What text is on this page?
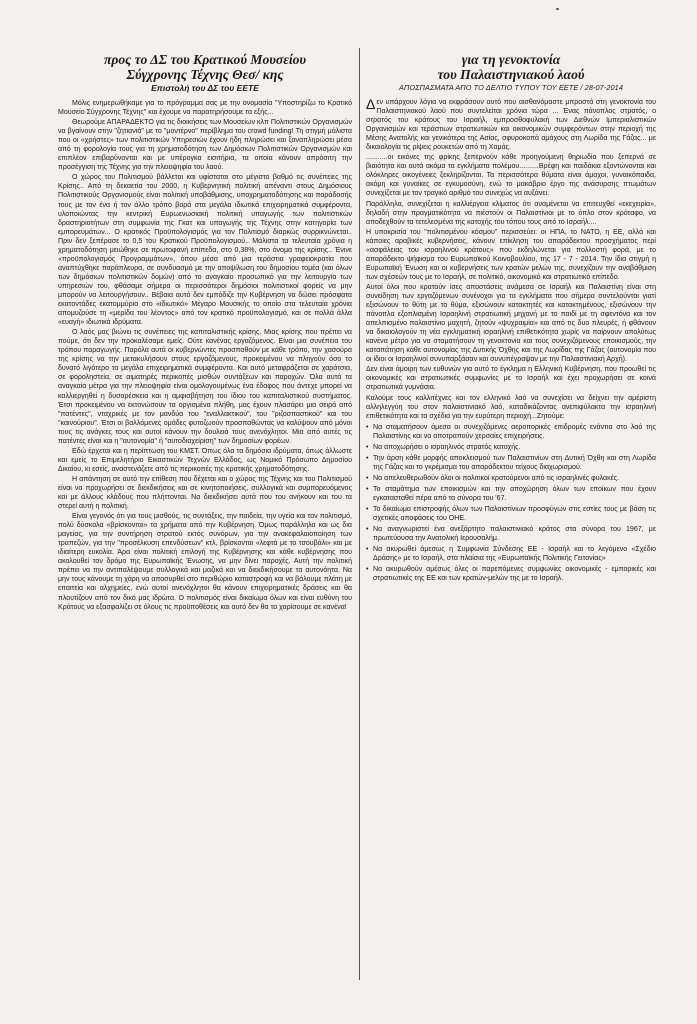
προς το ΔΣ του Κρατικού Μουσείου
Σύγχρονης Τέχνης Θεσ/ κης
Επιστολή του ΔΣ του ΕΕΤΕ

Μόλις ενημερωθήκαμε για το πρόγραμμα σας με την ονομασία "Υποστηρίζω το Κρατικό Μουσείο Σύγχρονης Τέχνης" και έχουμε να παρατηρήσουμε τα εξής...

Θεωρούμε ΑΠΑΡΑΔΕΚΤΟ για τις διοικήσεις των Μουσείων κλπ Πολιτιστικών Οργανισμών να βγαίνουν στην "ζητιανιά" με το "μοντέρνο" περίβλημα του crowd funding! Τη στιγμή μάλιστα που οι «χρήστες» των πολιτιστικών Υπηρεσιών έχουν ήδη πληρώσει και ξαναπληρώσει μέσα από τη φορολογία τους για τη χρηματοδότηση των Δημόσιων Πολιτιστικών Οργανισμών και επιπλέον επιβαρύνονται και με υπέρογκα εισιτήρια, τα οποία κάνουν απρόσιτη την προσέγγιση της Τέχνης για την πλειοψηφία του λαού.

Ο χώρος του Πολιτισμού βάλλεται και υφίσταται στο μέγιστο βαθμό τις συνέπειες της Κρίσης.. Από τη δεκαετία του 2000, η Κυβερνητική πολιτική απέναντι στους Δημόσιους Πολιτιστικούς Οργανισμούς είναι πολιτική υποβάθμισης, υποχρηματοδότησης και παράδοσής τους με τον ένα ή τον άλλο τρόπο βορά στα μεγάλα ιδιωτικά επιχειρηματικά συμφέροντα, υλοποιώντας την κεντρική Ευρωενωσιακή πολιτική υπαγωγής των πολιτιστικών δραστηριοτήτων στη συμφωνία της Γκατ και υπαγωγής της Τέχνης στην κατηγορία των εμπορευμάτων... Ο κρατικός Προϋπολογισμός για τον Πολιτισμό διαρκώς συρρικνώνεται.. Πριν δεν ξεπέρασε το 0,5 του Κρατικού Προϋπολογισμού.. Μάλιστα τα τελευταία χρόνια η χρηματοδότηση μειώθηκε σε πρωτοφανή επίπεδα, στο 0,38%, στο όνομα της κρίσης.. Ένινε «προϋπολογισμός Προγραμμάτων», όπου μέσα από μια τεράστια γραφειοκρατία που αναπτύχθηκε παράπλευρα, σε συνδυασμό με την αποψίλωση του δημοσίου τομέα (και όλων των δημόσιων πολιτιστικών δομών) από το αναγκαίο προσωπικό για την λειτουργία των υπηρεσιών του, φθάσαμε σήμερα οι περισσότεροι δημόσιοι πολιτιστικοί φορείς να μην μπορούν να λειτουργήσουν.. Βέβαια αυτό δεν εμπόδιζε την Κυβέρνηση να δώσει πρόσφατα εκατοντάδες εκατομμύρια στο «ιδιωτικό» Μέγαρο Μουσικής το οποίο στα τελευταία χρόνια απομυζούσε τη «μερίδα του λέοντος» από τον κρατικό προϋπολογισμό, και σε πολλά άλλα «ευαγή» ιδιωτικά ιδρύματα.

Ο λαός μας βιώνει τις συνέπειες της καπιταλιστικής κρίσης. Μιας κρίσης που πρέπει να πούμε, ότι δεν την προκαλέσαμε εμείς. Ούτε κανένας εργαζόμενος. Είναι μια συνέπεια του τρόπου παραγωγής. Παρόλα αυτά οι κυβερνώντες προσπαθούν με κάθε τρόπο, την χασούρα της κρίσης να την μετακυλήσουν στους εργαζόμενους, προκειμένου να πληγούν όσο το δυνατό λιγότερο τα μεγάλα επιχειρηματικά συμφέροντα. Και αυτό μεταφράζεται σε χαράτσια, σε φοροληστεία, σε αιματηρές περικοπές μισθών συντάξεων και παροχών. Όλα αυτά τα αναγκαία μέτρα για την πλειοψηφία είναι ομολογουμένως ένα έδαφος που άντεχε μπορεί να καλλιεργηθεί η δυσαρέσκεια και η αμφισβήτηση του ίδιου του καπιταλιστικού συστήματος. Έτσι προκειμένου να εκτονώσουν τα οργισμένα πλήθη, μας έχουν πλασάρει μια σειρά από "πατέντες", νταχρικές με τον μανδύα του "εναλλακτικού", του "ριζοσπαστικού" και του "καινούριου". Έτσι οι βαλλόμενες ομάδες φυτοζωούν προσπαθώντας να καλύψουν από μόνοι τους τις ανάγκες τους και αυτοί κάνουν την δουλειά τους ανενόχλητοι. Μια από αυτές τις πατέντες είναι και η "αυτονομία" ή "αυτοδιαχείριση" των δημοσίων φορέων.

Εδώ έρχεται και η περίπτωση του ΚΜΣΤ. Όπως όλα τα δημόσια ιδρύματα, όπως άλλωστε και εμείς το Επιμελητήριο Εικαστικών Τεχνών Ελλάδος, ως Νομικό Πρόσωπο Δημοσίου Δικαίου, κι εσείς, αναστενάζετε από τις περικοπές της κρατικής χρηματοδότησης.

Η απάντηση σε αυτό την επίθεση που δέχεται και ο χώρος της Τέχνης και του Πολιτισμού είναι να προχωρήσει σε διεκδικήσεις και σε κινητοποιήσεις, συλλογικά και συμπορευόμενος και με άλλους κλάδους που πλήττονται. Να διεκδικήσει αυτά που του ανήκουν και του τα στερεί αυτή η πολιτική.

Είναι γεγονός ότι για τους μισθούς, τις συντάξεις, την παιδεία, την υγεία και τον πολιτισμό, πολύ δύσκολα «βρίσκονται» τα χρήματα από την Κυβέρνηση. Όμως παράλληλα και ως δια μαγείας, για την συντήρηση στρατού εκτός συνόρων, για την ανακεφαλαιοποίηση των τραπεζών, για την "προσέλκυση επενδύσεων" κτλ, βρίσκονται «λεφτά με το τσουβάλι» και με ιδιαίτερη ευκολία. Άρα είναι πολιτική επιλογή της Κυβέρνησης και κάθε κυβέρνησης που ακολουθεί τον δρόμο της Ευρωπαϊκής Ένωσης, να μην δίνει παροχές. Αυτή την πολιτική πρέπει να την αντιπαλέψουμε συλλογικά και μαζικά και να διεκδικήσουμε τα αυτονόητα. Να μην τους κάνουμε τη χάρη να αποσυρθεί στο περιθώριο καταστροφή και να βάλουμε πλάτη με επαιτεία και αλχημείες, ενώ αυτοί ανενόχλητοι θα κάνουν επιχειρηματικές δράσεις και θα πλουτίζουν από τον δικό μας ιδρώτα. Ο πολιτισμός είναι δικαίωμα όλων και είναι ευθύνη του Κράτους να εξασφαλίζει σε όλους τις προϋποθέσεις και αυτό δεν θα το χαρίσουμε σε κανένα!

για τη γενοκτονία
του Παλαιστηνιακού λαού
ΑΠΟΣΠΑΣΜΑΤΑ ΑΠΟ ΤΟ ΔΕΛΤΙΟ ΤΥΠΟΥ ΤΟΥ ΕΕΤΕ / 28-07-2014

Δεν υπάρχουν λόγια να εκφράσουν αυτό που αισθανόμαστε μπροστά στη γενοκτονία του Παλαιστηνιακού λαού που συντελείται χρόνια τώρα ... Ένας πάνοπλος στρατός, ο στρατός του κράτους του Ισραήλ, εμπροσθοφυλακή των Διεθνών Ιμπεριαλιστικών Οργανισμών και τεράστιων στρατιωτικών και οικονομικών συμφερόντων στην περιοχή της Μέσης Ανατολής και γενικότερα της Ασίας, σφυροκοπά αμάχους στη Λωρίδα της Γάζας... με δικαιολογία τις ρίψεις ρουκετών από τη Χαμάς.

...........οι εικόνες της φρίκης ξεπερνούν κάθε προηγούμενη θηριωδία που ξεπερνά σε βιαιότητα και αυτά ακόμα τα εγκλήματα πολέμου..........Βρέφη και παιδάκια εξοντώνονται και ολόκληρες οικογένειες ξεκληρίζονται. Τα περισσότερα θύματα είναι άμαχοι, γυναικόπαιδα, ακόμη και γυναίκες σε εγκυμοσύνη, ενώ το μακάβριο έργο της ανάσυρσης πτωμάτων συνεχίζεται με τον τραγικό αριθμό του συνεχώς να αυξάνει.

Παράλληλα, συνεχίζεται η καλλιέργεια κλίματος ότι αναμένεται να επιτευχθεί «εκεχειρία», δηλαδή στην πραγματικότητα να πιέστούν οι Παλαιστίνιοι με το όπλο στον κρόταφο, να αποδεχθούν τα τετελεσμένα της κατοχής του τόπου τους από το Ισραήλ....

Η υποκρισία του "πολιτισμένου κόσμου" περισσεύει: οι ΗΠΑ, το ΝΑΤΟ, η ΕΕ, αλλά και κάποιες αραβικές κυβερνήσεις, κάνουν επίκληση του απαράδεκτου προσχήματος περί «ασφάλειας του ισραηλινού κράτους» που εκδηλώνεται για πολλοστή φορά, με το απαράδεκτο ψήφισμα του Ευρωπαϊκού Κοινοβουλίου, της 17 - 7 - 2014. Την ίδια στιγμή η Ευρωπαϊκή Ένωση και οι κυβερνήσεις των κρατών μελών της, συνεχίζουν την αναβάθμιση των σχέσεών τους με το Ισραήλ, σε πολιτικό, οικονομικό και στρατιωτικό επίπεδο.

Αυτοί όλοι που κρατούν ίσες αποστάσεις ανάμεσα σε Ισραήλ και Παλαιστίνη είναι στη συνείδηση των εργαζόμενων συνένοχοι για τα εγκλήματα που σήμερα συντελούνται γιατί εξισώνουν το θύτη με το θύμα, εξισώνουν κατακτητές και κατακτημένους, εξισώνουν την πάνοπλα εξοπλισμένη Ισραηλινή στρατιωτική μηχανή με το παιδί με τη σφεντόνα και τον απελπισμένο παλαιστίνιο μαχητή, ζητούν «ψυχραιμία» και από τις δυο πλευρές, ή φθάνουν να δικαιολογούν τη νέα εγκληματική ισραηλινή επιθετικότητα χωρίς να παίρνουν απολύτως κανένα μέτρο για να σταματήσουν τη γενοκτονία και τους συνεχιζόμενους εποικισμούς, την καταπάτηση κάθε αυτονομίας της Δυτικής Όχθης και της Λωρίδας της Γάζας (αυτονομία που οι ίδιοι οι Ισραηλινοί συνυπαρξάσαν και συνυπέγραψαν με την Παλαιστινιακή Αρχή).

Δεν είναι άμοιρη των ευθυνών για αυτό το έγκλημα η Ελληνική Κυβέρνηση, που προωθεί τις οικονομικές και στρατιωτικές συμφωνίες με το Ισραήλ και έχει προχωρήσει σε κοινά στρατιωτικά γυμνάσια.

Καλούμε τους καλλιτέχνες και τον ελληνικό λαό να συνεχίσει να δείχνει την αμέριστη αλληλεγγύη του στον παλαιστινιακό λαό, καταδικάζοντας ανεπιφύλακτα την ισραηλινή επιθετικότητα και τα σχέδια για την ευρύτερη περιοχή...Ζητούμε:

• Να σταματήσουν άμεσα οι συνεχιζόμενες αεροπορικές επιδρομές ενάντια στο λαό της Παλαιστίνης και να αποτραπούν χερσαίες επιχειρήσεις.
• Να αποχωρήσει ο ισραηλινός στρατός κατοχής.
• Την άρση κάθε μορφής αποκλεισμού των Παλαιστινίων στη Δυτική Όχθη και στη Λωρίδα της Γάζας και το γκρέμισμα του απαράδεκτου τείχους διαχωρισμού.
• Να απελευθερωθούν όλοι οι πολιτικοί κρατούμενοι από τις ισραηλινές φυλακές.
• Το σταμάτημα των εποικισμών και την αποχώρηση όλων των εποίκων που έχουν εγκατασταθεί πέρα από τα σύνορα του '67.
• Το δικαίωμα επιστροφής όλων των Παλαιστίνιων προσφύγων στις εστίες τους με βάση τις σχετικές αποφάσεις του ΟΗΕ.
• Να αναγνωριστεί ένα ανεξάρτητο παλαιστινιακό κράτος στα σύνορα του 1967, με πρωτεύουσα την Ανατολική Ιερουσαλήμ.
• Να ακυρωθεί άμεσως η Συμφωνία Σύνδεσης ΕΕ - Ισραήλ και το λεγόμενο «Σχέδιο Δράσης» με το Ισραήλ, στα πλαίσια της «Ευρωπαϊκής Πολιτικής Γειτονίας»
• Να ακυρωθούν αμέσως όλες οι παρεπόμενες συμφωνίες οικονομικές - εμπορικές και στρατιωτικές της ΕΕ και των κρατών-μελών της με το Ισραήλ.
